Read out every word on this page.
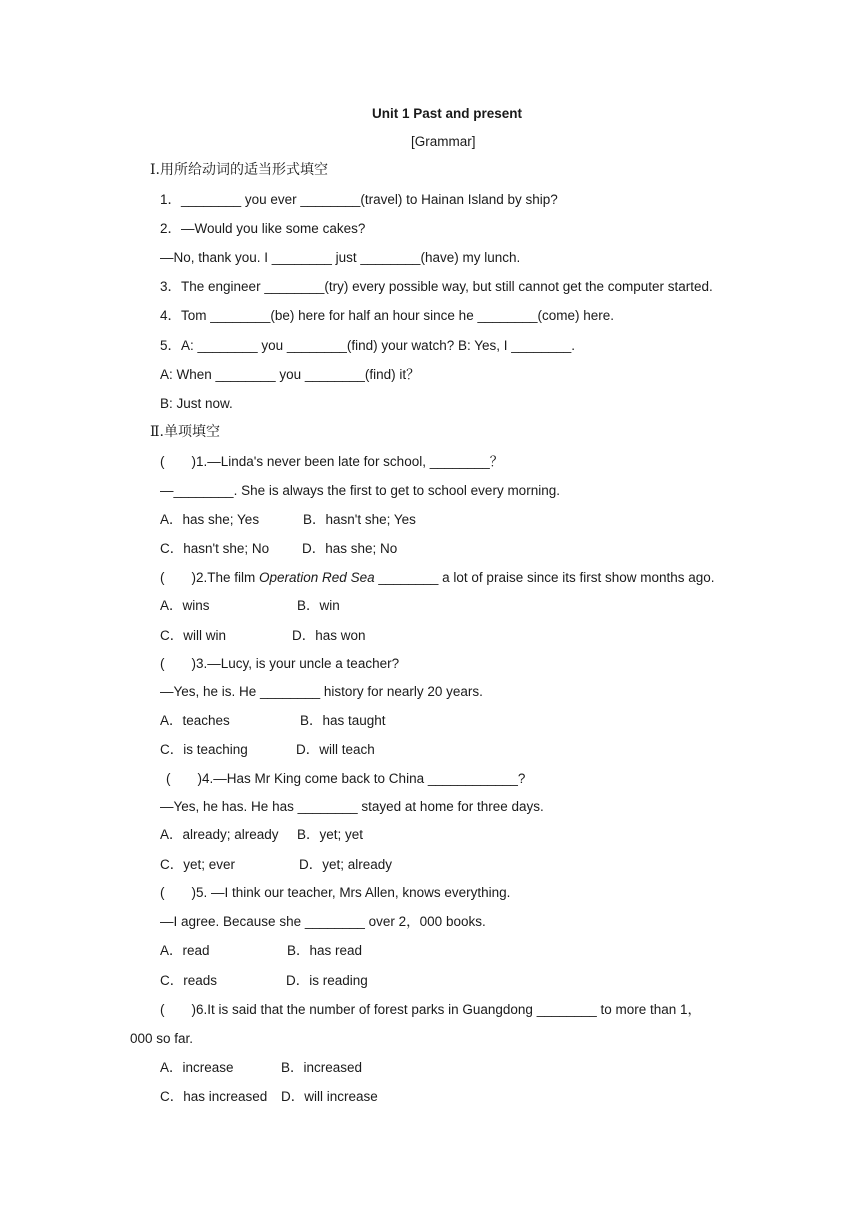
Unit 1 Past and present
[Grammar]
Ⅰ.用所给动词的适当形式填空
1．________ you ever ________(travel) to Hainan Island by ship?
2．—Would you like some cakes?
—No, thank you. I ________ just ________(have) my lunch.
3．The engineer ________(try) every possible way, but still cannot get the computer started.
4．Tom ________(be) here for half an hour since he ________(come) here.
5．A: ________ you ________(find) your watch? B: Yes, I ________.
A: When ________ you ________(find) it？
B: Just now.
Ⅱ.单项填空
(　　)1.—Linda's never been late for school, ________？
—________. She is always the first to get to school every morning.
A．has she; Yes	B．hasn't she; Yes
C．hasn't she; No D．has she; No
(　　)2.The film Operation Red Sea ________ a lot of praise since its first show months ago.
A．wins	B．win
C．will win	D．has won
(　　)3.—Lucy, is your uncle a teacher?
—Yes, he is. He ________ history for nearly 20 years.
A．teaches	B．has taught
C．is teaching	D．will teach
(　　)4.—Has Mr King come back to China ____________?
—Yes, he has. He has ________ stayed at home for three days.
A．already; already B．yet; yet
C．yet; ever	D．yet; already
(　　)5. —I think our teacher, Mrs Allen, knows everything.
—I agree. Because she ________ over 2，000 books.
A．read	B．has read
C．reads	D．is reading
(　　)6.It is said that the number of forest parks in Guangdong ________ to more than 1，
000 so far.
A．increase	B．increased
C．has increased D．will increase
